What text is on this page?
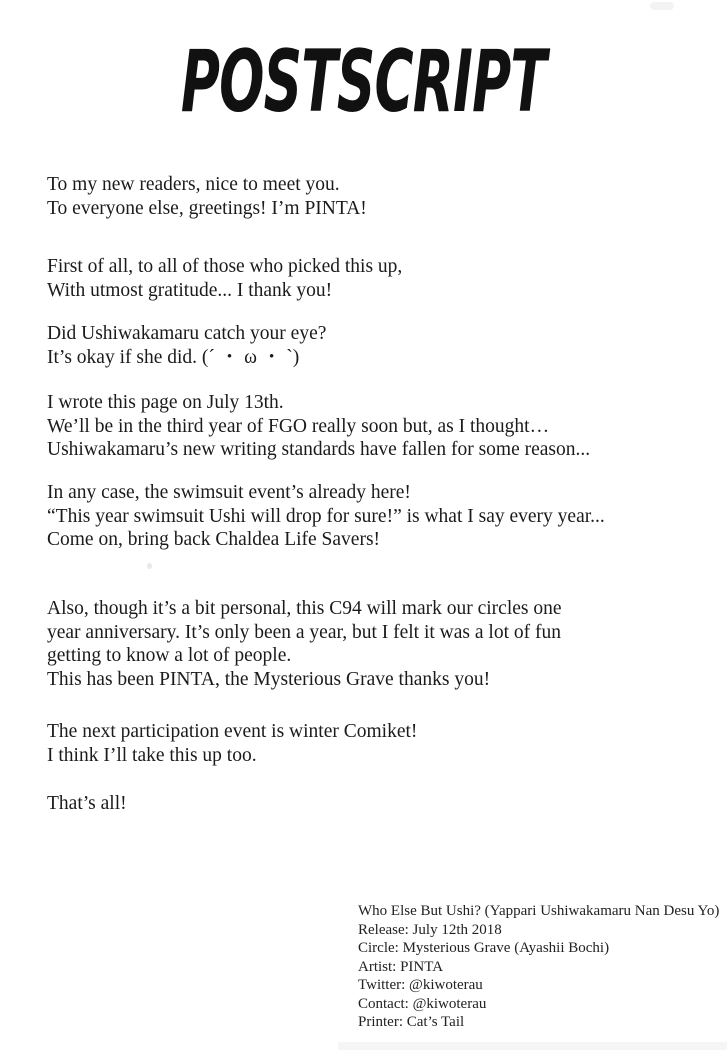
POSTSCRIPT
To my new readers, nice to meet you.
To everyone else, greetings! I’m PINTA!
First of all, to all of those who picked this up,
With utmost gratitude... I thank you!
Did Ushiwakamaru catch your eye?
It’s okay if she did. (´ ・ ω ・ `)
I wrote this page on July 13th.
We’ll be in the third year of FGO really soon but, as I thought…
Ushiwakamaru’s new writing standards have fallen for some reason...
In any case, the swimsuit event’s already here!
“This year swimsuit Ushi will drop for sure!” is what I say every year...
Come on, bring back Chaldea Life Savers!
Also, though it’s a bit personal, this C94 will mark our circles one
year anniversary. It’s only been a year, but I felt it was a lot of fun
getting to know a lot of people.
This has been PINTA, the Mysterious Grave thanks you!
The next participation event is winter Comiket!
I think I’ll take this up too.
That’s all!
Who Else But Ushi? (Yappari Ushiwakamaru Nan Desu Yo)
Release: July 12th 2018
Circle: Mysterious Grave (Ayashii Bochi)
Artist: PINTA
Twitter: @kiwoterau
Contact: @kiwoterau
Printer: Cat’s Tail
